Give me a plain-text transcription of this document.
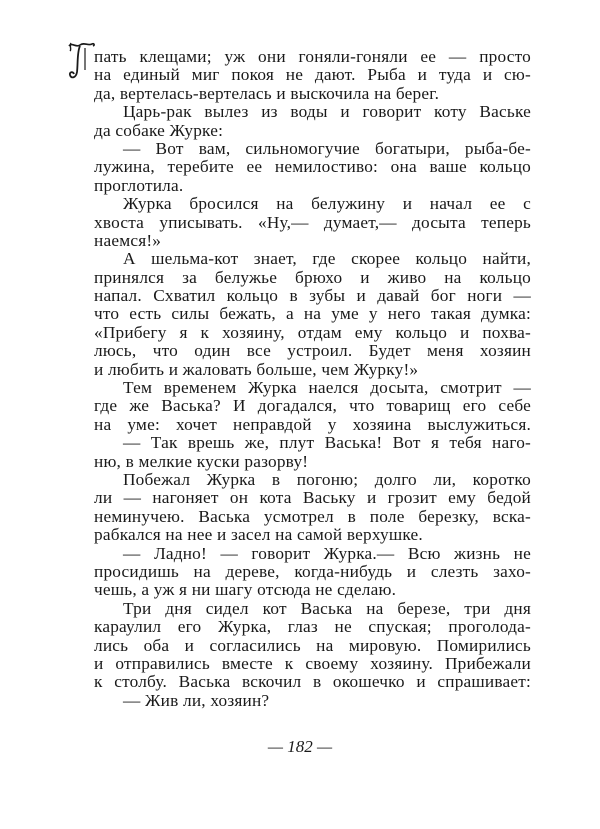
пать клещами; уж они гоняли-гоняли ее — просто
на единый миг покоя не дают. Рыба и туда и сю-
да, вертелась-вертелась и выскочила на берег.
Царь-рак вылез из воды и говорит коту Ваське
да собаке Журке:
— Вот вам, сильномогучие богатыри, рыба-бе-
лужина, теребите ее немилостиво: она ваше кольцо
проглотила.
Журка бросился на белужину и начал ее с
хвоста уписывать. «Ну,— думает,— досыта теперь
наемся!»
А шельма-кот знает, где скорее кольцо найти,
принялся за белужье брюхо и живо на кольцо
напал. Схватил кольцо в зубы и давай бог ноги —
что есть силы бежать, а на уме у него такая думка:
«Прибегу я к хозяину, отдам ему кольцо и похва-
люсь, что один все устроил. Будет меня хозяин
и любить и жаловать больше, чем Журку!»
Тем временем Журка наелся досыта, смотрит —
где же Васька? И догадался, что товарищ его себе
на уме: хочет неправдой у хозяина выслужиться.
— Так врешь же, плут Васька! Вот я тебя наго-
ню, в мелкие куски разорву!
Побежал Журка в погоню; долго ли, коротко
ли — нагоняет он кота Ваську и грозит ему бедой
неминучею. Васька усмотрел в поле березку, вска-
рабкался на нее и засел на самой верхушке.
— Ладно! — говорит Журка.— Всю жизнь не
просидишь на дереве, когда-нибудь и слезть захо-
чешь, а уж я ни шагу отсюда не сделаю.
Три дня сидел кот Васька на березе, три дня
караулил его Журка, глаз не спуская; проголода-
лись оба и согласились на мировую. Помирились
и отправились вместе к своему хозяину. Прибежали
к столбу. Васька вскочил в окошечко и спрашивает:
— Жив ли, хозяин?
— 182 —
